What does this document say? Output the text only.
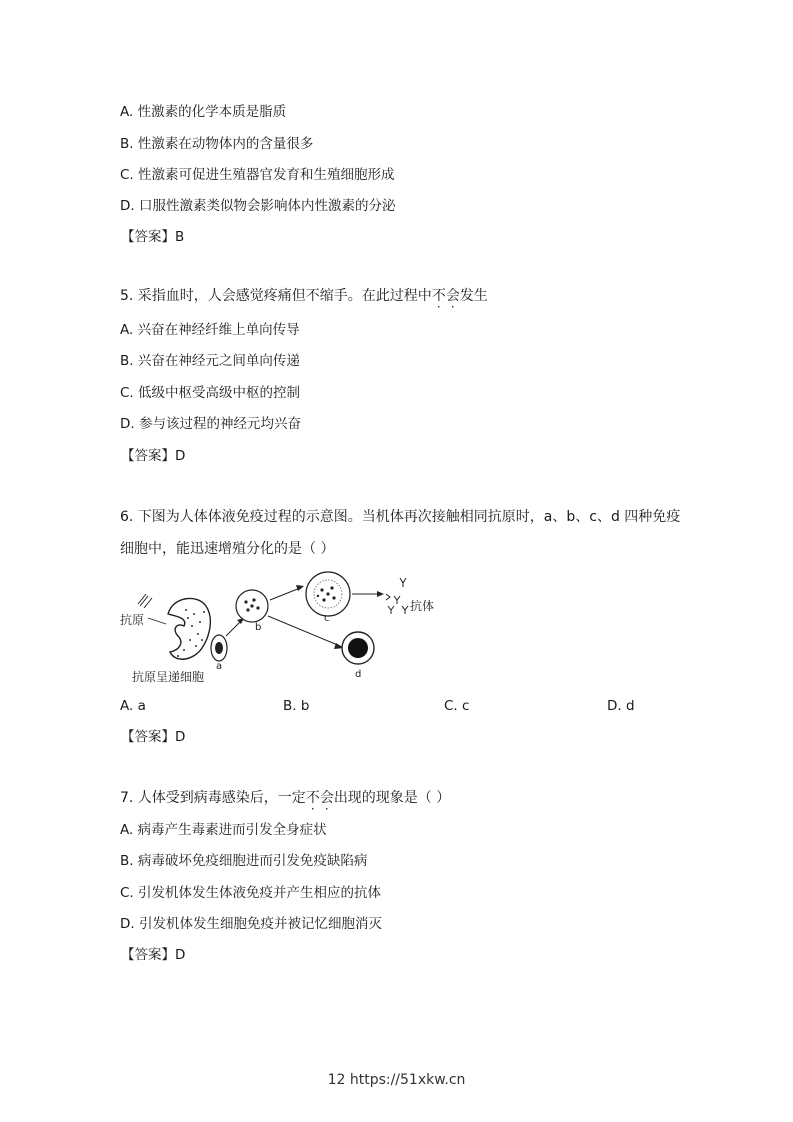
A. 性激素的化学本质是脂质
B. 性激素在动物体内的含量很多
C. 性激素可促进生殖器官发育和生殖细胞形成
D. 口服性激素类似物会影响体内性激素的分泌
【答案】B
5. 采指血时，人会感觉疼痛但不缩手。在此过程中不会发生
A. 兴奋在神经纤维上单向传导
B. 兴奋在神经元之间单向传递
C. 低级中枢受高级中枢的控制
D. 参与该过程的神经元均兴奋
【答案】D
6. 下图为人体体液免疫过程的示意图。当机体再次接触相同抗原时，a、b、c、d 四种免疫
细胞中，能迅速增殖分化的是（ ）
抗原
抗原呈递细胞
a
b
c
抗体
d
A. a	B. b	C. c	D. d
【答案】D
7. 人体受到病毒感染后，一定不会出现的现象是（ ）
A. 病毒产生毒素进而引发全身症状
B. 病毒破坏免疫细胞进而引发免疫缺陷病
C. 引发机体发生体液免疫并产生相应的抗体
D. 引发机体发生细胞免疫并被记忆细胞消灭
【答案】D
12 https://51xkw.cn
